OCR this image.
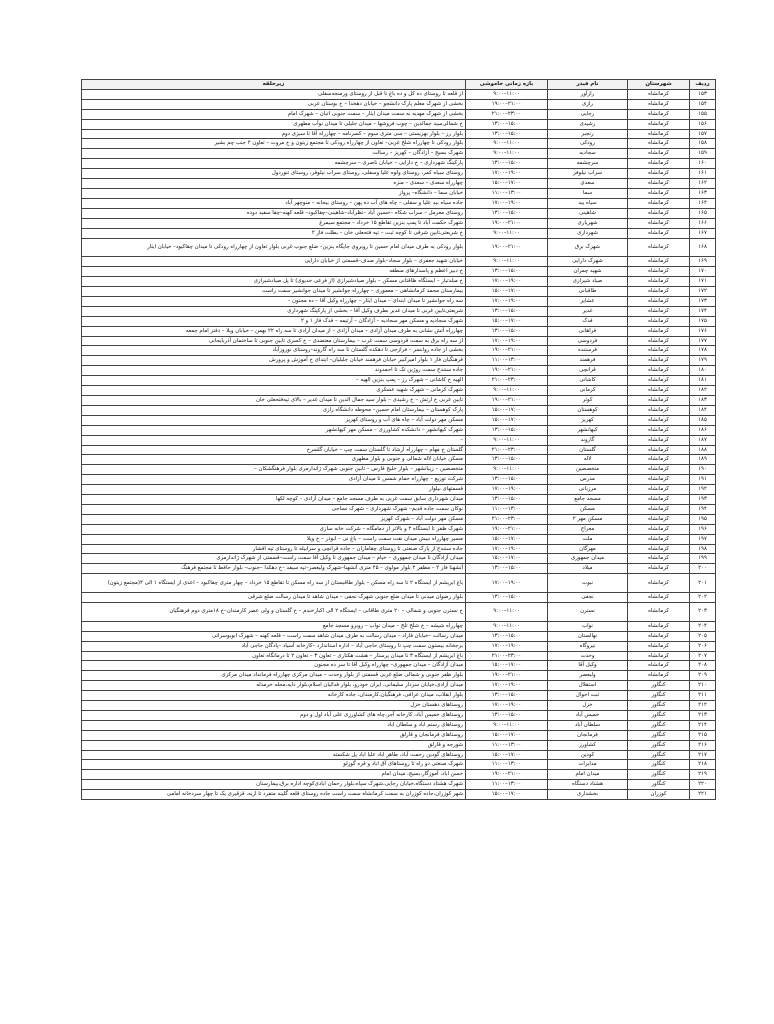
ردیف	شهرستان	نام فیدر	بازه زمانی خاموشی	زیرحلقه
۱۵۳	کرمانشاه	رازآور	۹:۰۰–۱۱:۰۰	از قلعه تا روستای ده کل و ده باغ تا قبل از روستای ورمنجه‌سفلی
۱۵۴	کرمانشاه	رازی	۱۹:۰۰–۲۱:۰۰	بخشی از شهرک معلم پارک دانشجو – خیابان دهخدا – خ بوستان غربی
۱۵۵	کرمانشاه	رجایی	۲۱:۰۰–۲۳:۰۰	بخشی از شهرک مهدیه به سمت میدان ایثار – سمت جنوبی اتبان – شهرک امام
۱۵۶	کرمانشاه	رشیدی	۱۳:۰۰–۱۵:۰۰	خ شمالی‌سید جمالدین – چوب فروشها – میدان جلیلی تا میدان نوآب مطهری
۱۵۷	کرمانشاه	رنجبر	۱۳:۰۰–۱۵:۰۰	بلوار رز – بلوار بهزیستی – سی متری سوم – کسرنامه – چهارراه آقا تا سبزی دوم
۱۵۸	کرمانشاه	رودکی	۹:۰۰–۱۱:۰۰	بلوار رودکی تا چهارراه شلخ غربی– تعاون از چهارراه رودکی تا مجتمع زیتون و خ مروت – تعاون ۲ جنب چم بشیر
۱۵۹	کرمانشاه	سجادیه	۹:۰۰–۱۱:۰۰	شهرک بسیج – آزادگان – کهریز – رسالت
۱۶۰	کرمانشاه	سرچشمه	۱۳:۰۰–۱۵:۰۰	پارکینگ شهرداری – خ دارایی – خیابان ناصری – سرچشمه
۱۶۱	کرمانشاه	سراب نیلوفر	۱۷:۰۰–۱۹:۰۰	روستای سیاه کمر، روستای ولوه علیا وسفلی، روستای سراب نیلوفر، روستای تنوردول
۱۶۲	کرمانشاه	سعدی	۱۵:۰۰–۱۷:۰۰	چهارراه سعدی – سعدی – منزه
۱۶۳	کرمانشاه	سما	۱۱:۰۰–۱۳:۰۰	خیابان سما – دانشگاه– پرواز
۱۶۴	کرمانشاه	سیاه بید	۱۷:۰۰–۱۹:۰۰	جاده سیاه بید علیا و سفلی – چاه های آب ده پهن – روستای بیجانه – منوچهر آباد
۱۶۵	کرمانشاه	شاهینی	۱۳:۰۰–۱۵:۰۰	روستای معرمل – سراب شکاه –حسین آباد –نظرآباد–شاهینی–چقاکبود– قلعه کهنه–چقا سفید دوده
۱۶۶	کرمانشاه	شهریاری	۱۹:۰۰–۲۱:۰۰	شهرک حکمت آباد تا پمپ بنزین تقاطع ۱۵ خرداد – مجتمع سیمرغ
۱۶۷	کرمانشاه	شهرداری	۹:۰۰–۱۱:۰۰	خ شریعتی‌تابین شرقی تا کوچه ثبت – تپه فتحعلی خان – بطلت فاز ۲
۱۶۸	کرمانشاه	شهرک برق	۱۹:۰۰–۲۱:۰۰	بلوار رودکی به طرف میدان امام حسین تا روبروی جایگاه بنزین– ضلع جنوب غربی بلوار تعاون از چهارراه رودکی تا میدان چقاکبود– خیابان ایثار
۱۶۹	کرمانشاه	شهرک دارایی	۹:۰۰–۱۱:۰۰	خیابان شهید جعفری – بلوار سجاد–بلوار صدف–قسمتی از خیابان دارایی
۱۷۰	کرمانشاه	شهید چمران	۱۳:۰۰–۱۵:۰۰	خ دبیر اعظم و پاسدارهای منطقه
۱۷۱	کرمانشاه	صیاد شیرازی	۱۷:۰۰–۱۹:۰۰	خ مبلدتیار – ایستگاه ظاقتانی مسکن – بلوار صیادشیرازی (از فرعی خدیوی) تا پل صیادشیرازی
۱۷۲	کرمانشاه	طاقبانی	۱۵:۰۰–۱۷:۰۰	بیمارستان محمد کرمانشاهی – معموری – چهارراه جوانشیر تا میدان جوانشیر سمت راست
۱۷۳	کرمانشاه	عشایر	۱۷:۰۰–۱۹:۰۰	سه راه جوانشیر تا میدان ابتدای – میدان ایثار – چهارراه وکیل آقا – ده مجنون –
۱۷۴	کرمانشاه	غدیر	۱۳:۰۰–۱۵:۰۰	شریعتی‌تابین غربی تا میدان غدیر بطرف وکیل آقا – بخشی از پارکینگ شهرداری
۱۷۵	کرمانشاه	فدک	۱۵:۰۰–۱۷:۰۰	شهرک سجادیه و مسکن مهر سجادیه – آزادگان – آرتیمه – فدک فاز ۱ و ۲
۱۷۶	کرمانشاه	فراهانی	۱۳:۰۰–۱۵:۰۰	چهارراه آتش نشانی به طرف میدان آزادی – میدان آزادی – از میدان آزادی تا سه راه ۲۲ بهمن – خیابان ویلا – دفتر امام جمعه
۱۷۷	کرمانشاه	فردوسی	۱۷:۰۰–۱۹:۰۰	از سه راه برق به سمت فردوسی سمت غرب – بیمارستان معتضدی – خ کسری تابین جنوبی تا ساختمان آذربایجانی
۱۷۸	کرمانشاه	فرستنده	۱۹:۰۰–۲۱:۰۰	بخشی از جاده روانسر – فرازجی تا دهکده گلستان تا سه راه گاروند–روستای نوروزآباد
۱۷۹	کرمانشاه	فرهمند	۱۱:۰۰–۱۳:۰۰	فرهنگیان فاز ۱ بلوار امیرکبیر خیابان فرهمند خیابان جلیلیان– ابتدای خ آموزش و پرورش
۱۸۰	کرمانشاه	قرانچی	۱۹:۰۰–۲۱:۰۰	جاده سنندج سمت روژین تک تا احمدوند
۱۸۱	کرمانشاه	کاشانی	۲۱:۰۰–۲۳:۰۰	الهیه خ کاشانی – شهرک رز – پمپ بنزین الهیه –
۱۸۲	کرمانشاه	کرمانی	۹:۰۰–۱۱:۰۰	شهرک کرمانی – شهرک شهید عسکری
۱۸۳	کرمانشاه	کوثر	۱۹:۰۰–۲۱:۰۰	تابین غربی خ ارتش – خ رشیدی – بلوار سید جمال الدین تا میدان غدیر – بالای تپه‌فتحعلی خان
۱۸۴	کرمانشاه	کوهستان	۱۵:۰۰–۱۷:۰۰	پارک کوهستان – بیمارستان امام حسین– محوطه دانشگاه رازی
۱۸۵	کرمانشاه	کهریز	۱۵:۰۰–۱۷:۰۰	مسکن مهر دولت آباد – چاه های آب و روستای کهریز
۱۸۶	کرمانشاه	کیهانشهر	۱۳:۰۰–۱۵:۰۰	شهرک کیهانشهر – دانشکده کشاورزی – مسکن مهر کیهانشهر
۱۸۷	کرمانشاه	گاروند	۹:۰۰–۱۱:۰۰	–
۱۸۸	کرمانشاه	گلستان	۲۱:۰۰–۲۳:۰۰	گلستان خ مهام – چهارراه ارشاد تا گلستان سمت چپ – خیابان گلسرخ
۱۸۹	کرمانشاه	لاله	۱۳:۰۰–۱۵:۰۰	مسکن خیابان لاله شمالی و جنوبی و بلوار مطهری
۱۹۰	کرمانشاه	متخصصین	۹:۰۰–۱۱:۰۰	متخصصین – زیبانشهر – بلوار خلیج فارس – تابین جنوبی شهرک ژاندارمری بلوار فرهنگشکان –
۱۹۱	کرمانشاه	مدرس	۱۳:۰۰–۱۵:۰۰	شرکت توزیع – چهارراه حمام شمس تا میدان آزادی
۱۹۲	کرمانشاه	مرزبانی	۱۷:۰۰–۱۹:۰۰	قسمتهای بیلوار
۱۹۳	کرمانشاه	مسجد جامع	۱۳:۰۰–۱۵:۰۰	میدان شهرداری سابق سمت غربی به طرف مسجد جامع – میدان آزادی – کوچه لکها
۱۹۴	کرمانشاه	مسکن	۱۱:۰۰–۱۳:۰۰	نوکان سمت جاده قدیم– شهرک شهرداری – شهرک نساجی
۱۹۵	کرمانشاه	مسکن مهر ۲	۲۱:۰۰–۲۳:۰۰	مسکن مهر دولت آباد – شهرک کهریز
۱۹۶	کرمانشاه	معراج	۱۹:۰۰–۲۱:۰۰	شهرک ظفر تا ایستگاه ۲ و بالاتر از دمامگاه – شرکت خانه سازی
۱۹۷	کرمانشاه	ملت	۱۵:۰۰–۱۷:۰۰	مسیر چهارراه نبیش میدان نفت سمت راست – باغ نی – ابوذر – خ ویلا
۱۹۸	کرمانشاه	مهرگان	۱۷:۰۰–۱۹:۰۰	جاده سنندج از پارک صنعتی تا روستای چقاماران – جاده قرانچی و سرابیله تا روستای تپه افشار
۱۹۹	کرمانشاه	میدان جمهوری	۱۵:۰۰–۱۷:۰۰	میدان آزادگان تا میدان جمهوری – خیام – میدان جمهوری تا وکیل آقا سمت راست–قسمتی از شهرک ژاندارمری
۲۰۰	کرمانشاه	میلاد	۱۳:۰۰–۱۵:۰۰	آتشهنا فاز ۲ – مظفر ۲ بلوار مولوی – ۲۵ متری آتشهنا–شهرک ولیعصر–تپه سیفد –خ دهکدا –جنوب– بلوار حافظ تا مجتمع فرهنگ
۲۰۱	کرمانشاه	نبوت	۱۷:۰۰–۱۹:۰۰	باغ ابریشم از ایستگاه ۲ تا سه راه مسکن – بلوار طاقبستان از سه راه مسکن تا تقاطع ۱۵ خرداد – چهار متری چقاکبود – اعدی از ایستگاه ۱ الی ۴(مجتمع زیتون)
۲۰۲	کرمانشاه	نجفی	۱۳:۰۰–۱۵:۰۰	بلوار رضوان میدنی تا میدان ضلع جنوبی شهرک نجفی – میدان شاهد تا میدان رسالت ضلع شرقی
۲۰۳	کرمانشاه	نسترن	۹:۰۰–۱۱:۰۰	خ نسترن جنوبی و شمالی – ۲۰ متری طاقانی – ایستگاه ۲ الی اکبارخندم – خ گلستان و ولی عصر کارمندان–خ ۱۸متری دوم فرهنگیان
۲۰۴	کرمانشاه	نواب	۹:۰۰–۱۱:۰۰	چهارراه شیشه – خ شلخ تلخ – میدان نواب – روبرو مسجد جامع
۲۰۵	کرمانشاه	نهالستان	۱۳:۰۰–۱۵:۰۰	میدان رسالت –خیابان فاراد – میدان رسالت به طرف میدان شاهد سمت راست – قلعه کهنه – شهرک ابوبوسراتی
۲۰۶	کرمانشاه	نیروگاه	۱۷:۰۰–۱۹:۰۰	برجخانه بیستون سمت چپ تا روستای حاجی آباد – اداره استاندارد –کارخانه آسیاد –پادگان حاجی آباد
۲۰۷	کرمانشاه	وحدت	۲۱:۰۰–۲۳:۰۰	باغ ابریشم از ایستگاه ۳ تا میدان پرستار – هشت هکتاری – تعاون ۳ – تعاون ۲ تا درمانگاه تعاون
۲۰۸	کرمانشاه	وکیل آقا	۱۵:۰۰–۱۷:۰۰	میدان آزادگان – میدان جمهوری– چهارراه وکیل آقا تا سر ده مجنون
۲۰۹	کرمانشاه	ولیعصر	۱۹:۰۰–۲۱:۰۰	بلوار ظفر جنوبی و شمالی ضلع غربی قسمتی از بلوار وحدت – میدان مرکزی چهارراه فرمانداد میدان مرکزی
۲۱۰	کنگاور	استقلال	۱۷:۰۰–۱۹:۰۰	میدان آزادی،خیابان سردار سلیمانی، ایران خودرو، بلوار فدائیان اسلام،بلوار دایه،محله خرمدله
۲۱۱	کنگاور	ثبت احوال	۱۳:۰۰–۱۵:۰۰	بلوار انقلاب، میدان عراقی، فرهنگیان،کارمندان، جاده کارخانه
۲۱۲	کنگاور	خزل	۱۷:۰۰–۱۹:۰۰	روستاهای دهستان خزل
۲۱۳	کنگاور	خمیس آباد	۱۳:۰۰–۱۵:۰۰	روستاهای خمیس آباد، کارخانه آجر،چاه های کشاورزی علی آباد اول و دوم
۲۱۴	کنگاور	سلطان آباد	۹:۰۰–۱۱:۰۰	روستاهای رستم اباد و سلطان اباد
۲۱۵	کنگاور	فرمانجان	۱۵:۰۰–۱۷:۰۰	روستاهای فرمانجان و قارلق
۲۱۶	کنگاور	کشاورز	۱۱:۰۰–۱۳:۰۰	شورجه و قارلق
۲۱۷	کنگاور	کودین	۱۵:۰۰–۱۷:۰۰	روستاهای گودین رحمت آباد، طاهر اباد علیا اباد پل شکسته
۲۱۸	کنگاور	مدابرات	۱۱:۰۰–۱۳:۰۰	شهرک صنعتی دو راه تا روستاهای آق اباد و قره گوزلو
۲۱۹	کنگاور	میدان امام	۱۹:۰۰–۲۱:۰۰	حسن اباد، آموزگار،بسیج، میدان امام
۲۲۰	کنگاور	هشتاد دستگاه	۱۱:۰۰–۱۳:۰۰	شهرک هشتاد دستگاه،خیابان رجایی،شهرک سپاه،بلوار رحمان ابادی‌کوچه اداره برق،بیمارستان
۲۲۱	کوزران	بخشداری	۱۵:۰۰–۱۷:۰۰	شهر کوزران،جاده کوزران به سمت کرمانشاه سمت راست جاده روستای قلعه گلینه متفرد تا اریه، قزقیری یک تا چهار سردخانه امامی
